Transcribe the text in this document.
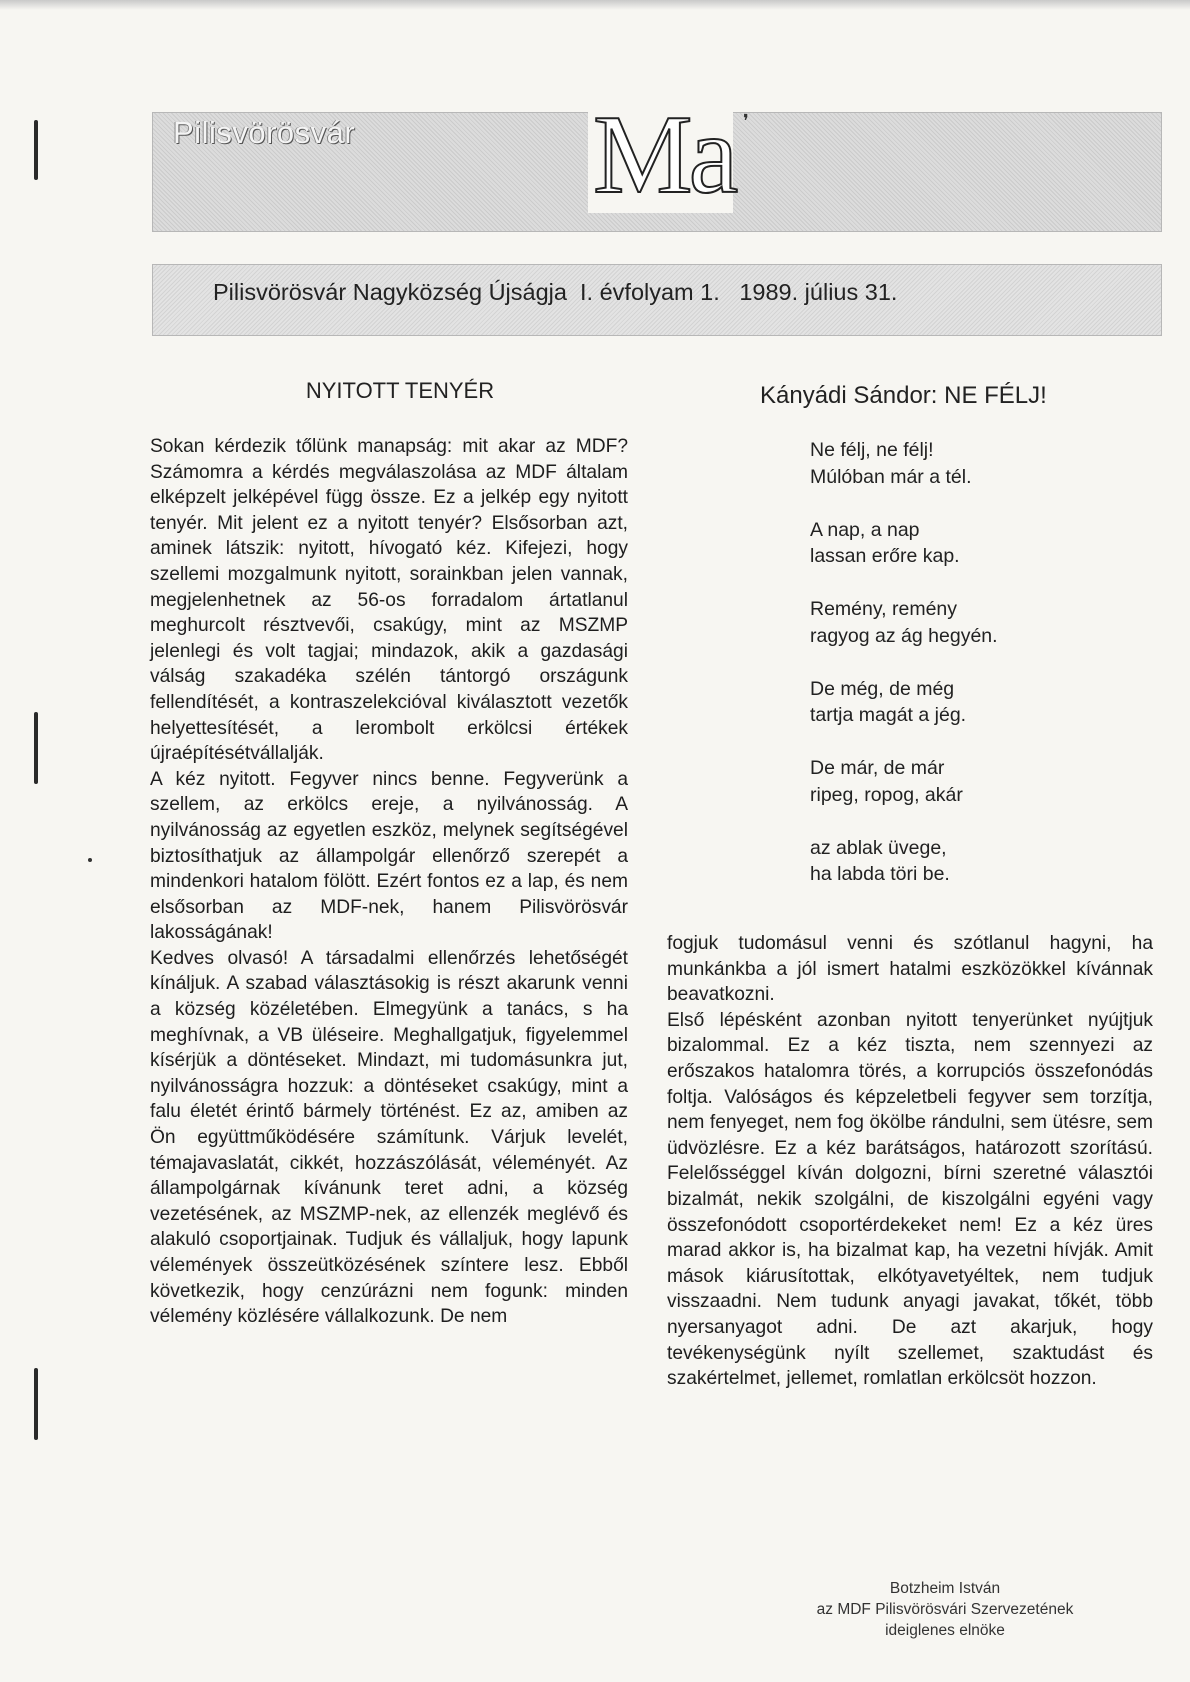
Pilisvörösvár Ma ❜
Pilisvörösvár Nagyközség Újságja  I. évfolyam 1.   1989. július 31.
NYITOTT TENYÉR

Sokan kérdezik tőlünk manapság: mit akar az MDF? Számomra a kérdés megválaszolása az MDF általam elképzelt jelképével függ össze. Ez a jelkép egy nyitott tenyér. Mit jelent ez a nyitott tenyér? Elsősorban azt, aminek látszik: nyitott, hívogató kéz. Kifejezi, hogy szellemi mozgalmunk nyitott, sorainkban jelen vannak, megjelenhetnek az 56-os forradalom ártatlanul meghurcolt résztvevői, csakúgy, mint az MSZMP jelenlegi és volt tagjai; mindazok, akik a gazdasági válság szakadéka szélén tántorgó országunk fellendítését, a kontraszelekcióval kiválasztott vezetők helyettesítését, a lerombolt erkölcsi értékek újraépítésétvállalják.

A kéz nyitott. Fegyver nincs benne. Fegyverünk a szellem, az erkölcs ereje, a nyilvánosság. A nyilvánosság az egyetlen eszköz, melynek segítségével biztosíthatjuk az állampolgár ellenőrző szerepét a mindenkori hatalom fölött. Ezért fontos ez a lap, és nem elsősorban az MDF-nek, hanem Pilisvörösvár lakosságának!

Kedves olvasó! A társadalmi ellenőrzés lehetőségét kínáljuk. A szabad választásokig is részt akarunk venni a község közéletében. Elmegyünk a tanács, s ha meghívnak, a VB üléseire. Meghallgatjuk, figyelemmel kísérjük a döntéseket. Mindazt, mi tudomásunkra jut, nyilvánosságra hozzuk: a döntéseket csakúgy, mint a falu életét érintő bármely történést. Ez az, amiben az Ön együttműködésére számítunk. Várjuk levelét, témajavaslatát, cikkét, hozzászólását, véleményét. Az állampolgárnak kívánunk teret adni, a község vezetésének, az MSZMP-nek, az ellenzék meglévő és alakuló csoportjainak. Tudjuk és vállaljuk, hogy lapunk vélemények összeütközésének színtere lesz. Ebből következik, hogy cenzúrázni nem fogunk: minden vélemény közlésére vállalkozunk. De nem

Kányádi Sándor: NE FÉLJ!
Ne félj, ne félj!
Múlóban már a tél.
A nap, a nap
lassan erőre kap.
Remény, remény
ragyog az ág hegyén.
De még, de még
tartja magát a jég.
De már, de már
ripeg, ropog, akár
az ablak üvege,
ha labda töri be.

fogjuk tudomásul venni és szótlanul hagyni, ha munkánkba a jól ismert hatalmi eszközökkel kívánnak beavatkozni.

Első lépésként azonban nyitott tenyerünket nyújtjuk bizalommal. Ez a kéz tiszta, nem szennyezi az erőszakos hatalomra törés, a korrupciós összefonódás foltja. Valóságos és képzeletbeli fegyver sem torzítja, nem fenyeget, nem fog ökölbe rándulni, sem ütésre, sem üdvözlésre. Ez a kéz barátságos, határozott szorítású. Felelősséggel kíván dolgozni, bírni szeretné választói bizalmát, nekik szolgálni, de kiszolgálni egyéni vagy összefonódott csoportérdekeket nem! Ez a kéz üres marad akkor is, ha bizalmat kap, ha vezetni hívják. Amit mások kiárusítottak, elkótyavetyéltek, nem tudjuk visszaadni. Nem tudunk anyagi javakat, tőkét, több nyersanyagot adni. De azt akarjuk, hogy tevékenységünk nyílt szellemet, szaktudást és szakértelmet, jellemet, romlatlan erkölcsöt hozzon.

Botzheim István
az MDF Pilisvörösvári Szervezetének
ideiglenes elnöke
